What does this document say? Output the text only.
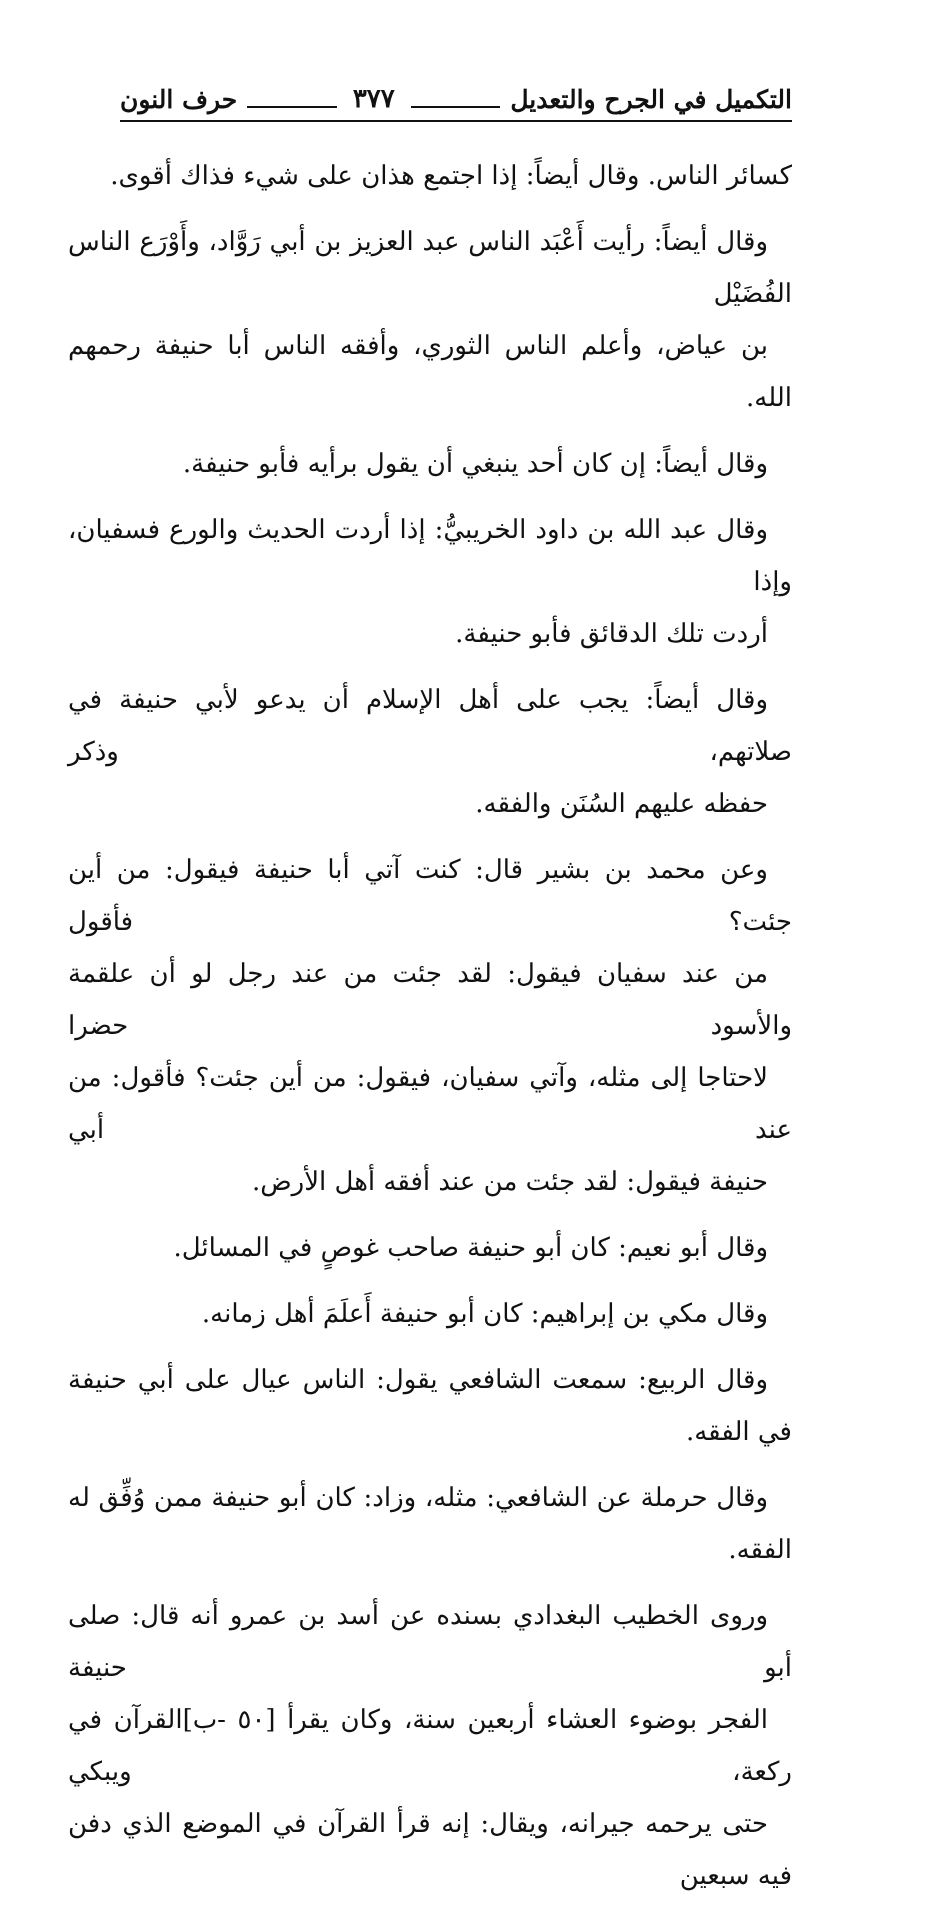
التكميل في الجرح والتعديل
٣٧٧
حرف النون
كسائر الناس. وقال أيضاً: إذا اجتمع هذان على شيء فذاك أقوى.
وقال أيضاً: رأيت أَعْبَد الناس عبد العزيز بن أبي رَوَّاد، وأَوْرَع الناس الفُضَيْل
بن عياض، وأعلم الناس الثوري، وأفقه الناس أبا حنيفة رحمهم الله.
وقال أيضاً: إن كان أحد ينبغي أن يقول برأيه فأبو حنيفة.
وقال عبد الله بن داود الخريبيُّ: إذا أردت الحديث والورع فسفيان، وإذا
أردت تلك الدقائق فأبو حنيفة.
وقال أيضاً: يجب على أهل الإسلام أن يدعو لأبي حنيفة في صلاتهم، وذكر
حفظه عليهم السُنَن والفقه.
وعن محمد بن بشير قال: كنت آتي أبا حنيفة فيقول: من أين جئت؟ فأقول
من عند سفيان فيقول: لقد جئت من عند رجل لو أن علقمة والأسود حضرا
لاحتاجا إلى مثله، وآتي سفيان، فيقول: من أين جئت؟ فأقول: من عند أبي
حنيفة فيقول: لقد جئت من عند أفقه أهل الأرض.
وقال أبو نعيم: كان أبو حنيفة صاحب غوصٍ في المسائل.
وقال مكي بن إبراهيم: كان أبو حنيفة أَعلَمَ أهل زمانه.
وقال الربيع: سمعت الشافعي يقول: الناس عيال على أبي حنيفة في الفقه.
وقال حرملة عن الشافعي: مثله، وزاد: كان أبو حنيفة ممن وُفِّق له الفقه.
وروى الخطيب البغدادي بسنده عن أسد بن عمرو أنه قال: صلى أبو حنيفة
الفجر بوضوء العشاء أربعين سنة، وكان يقرأ [٥٠ -ب]القرآن في ركعة، ويبكي
حتى يرحمه جيرانه، ويقال: إنه قرأ القرآن في الموضع الذي دفن فيه سبعين
